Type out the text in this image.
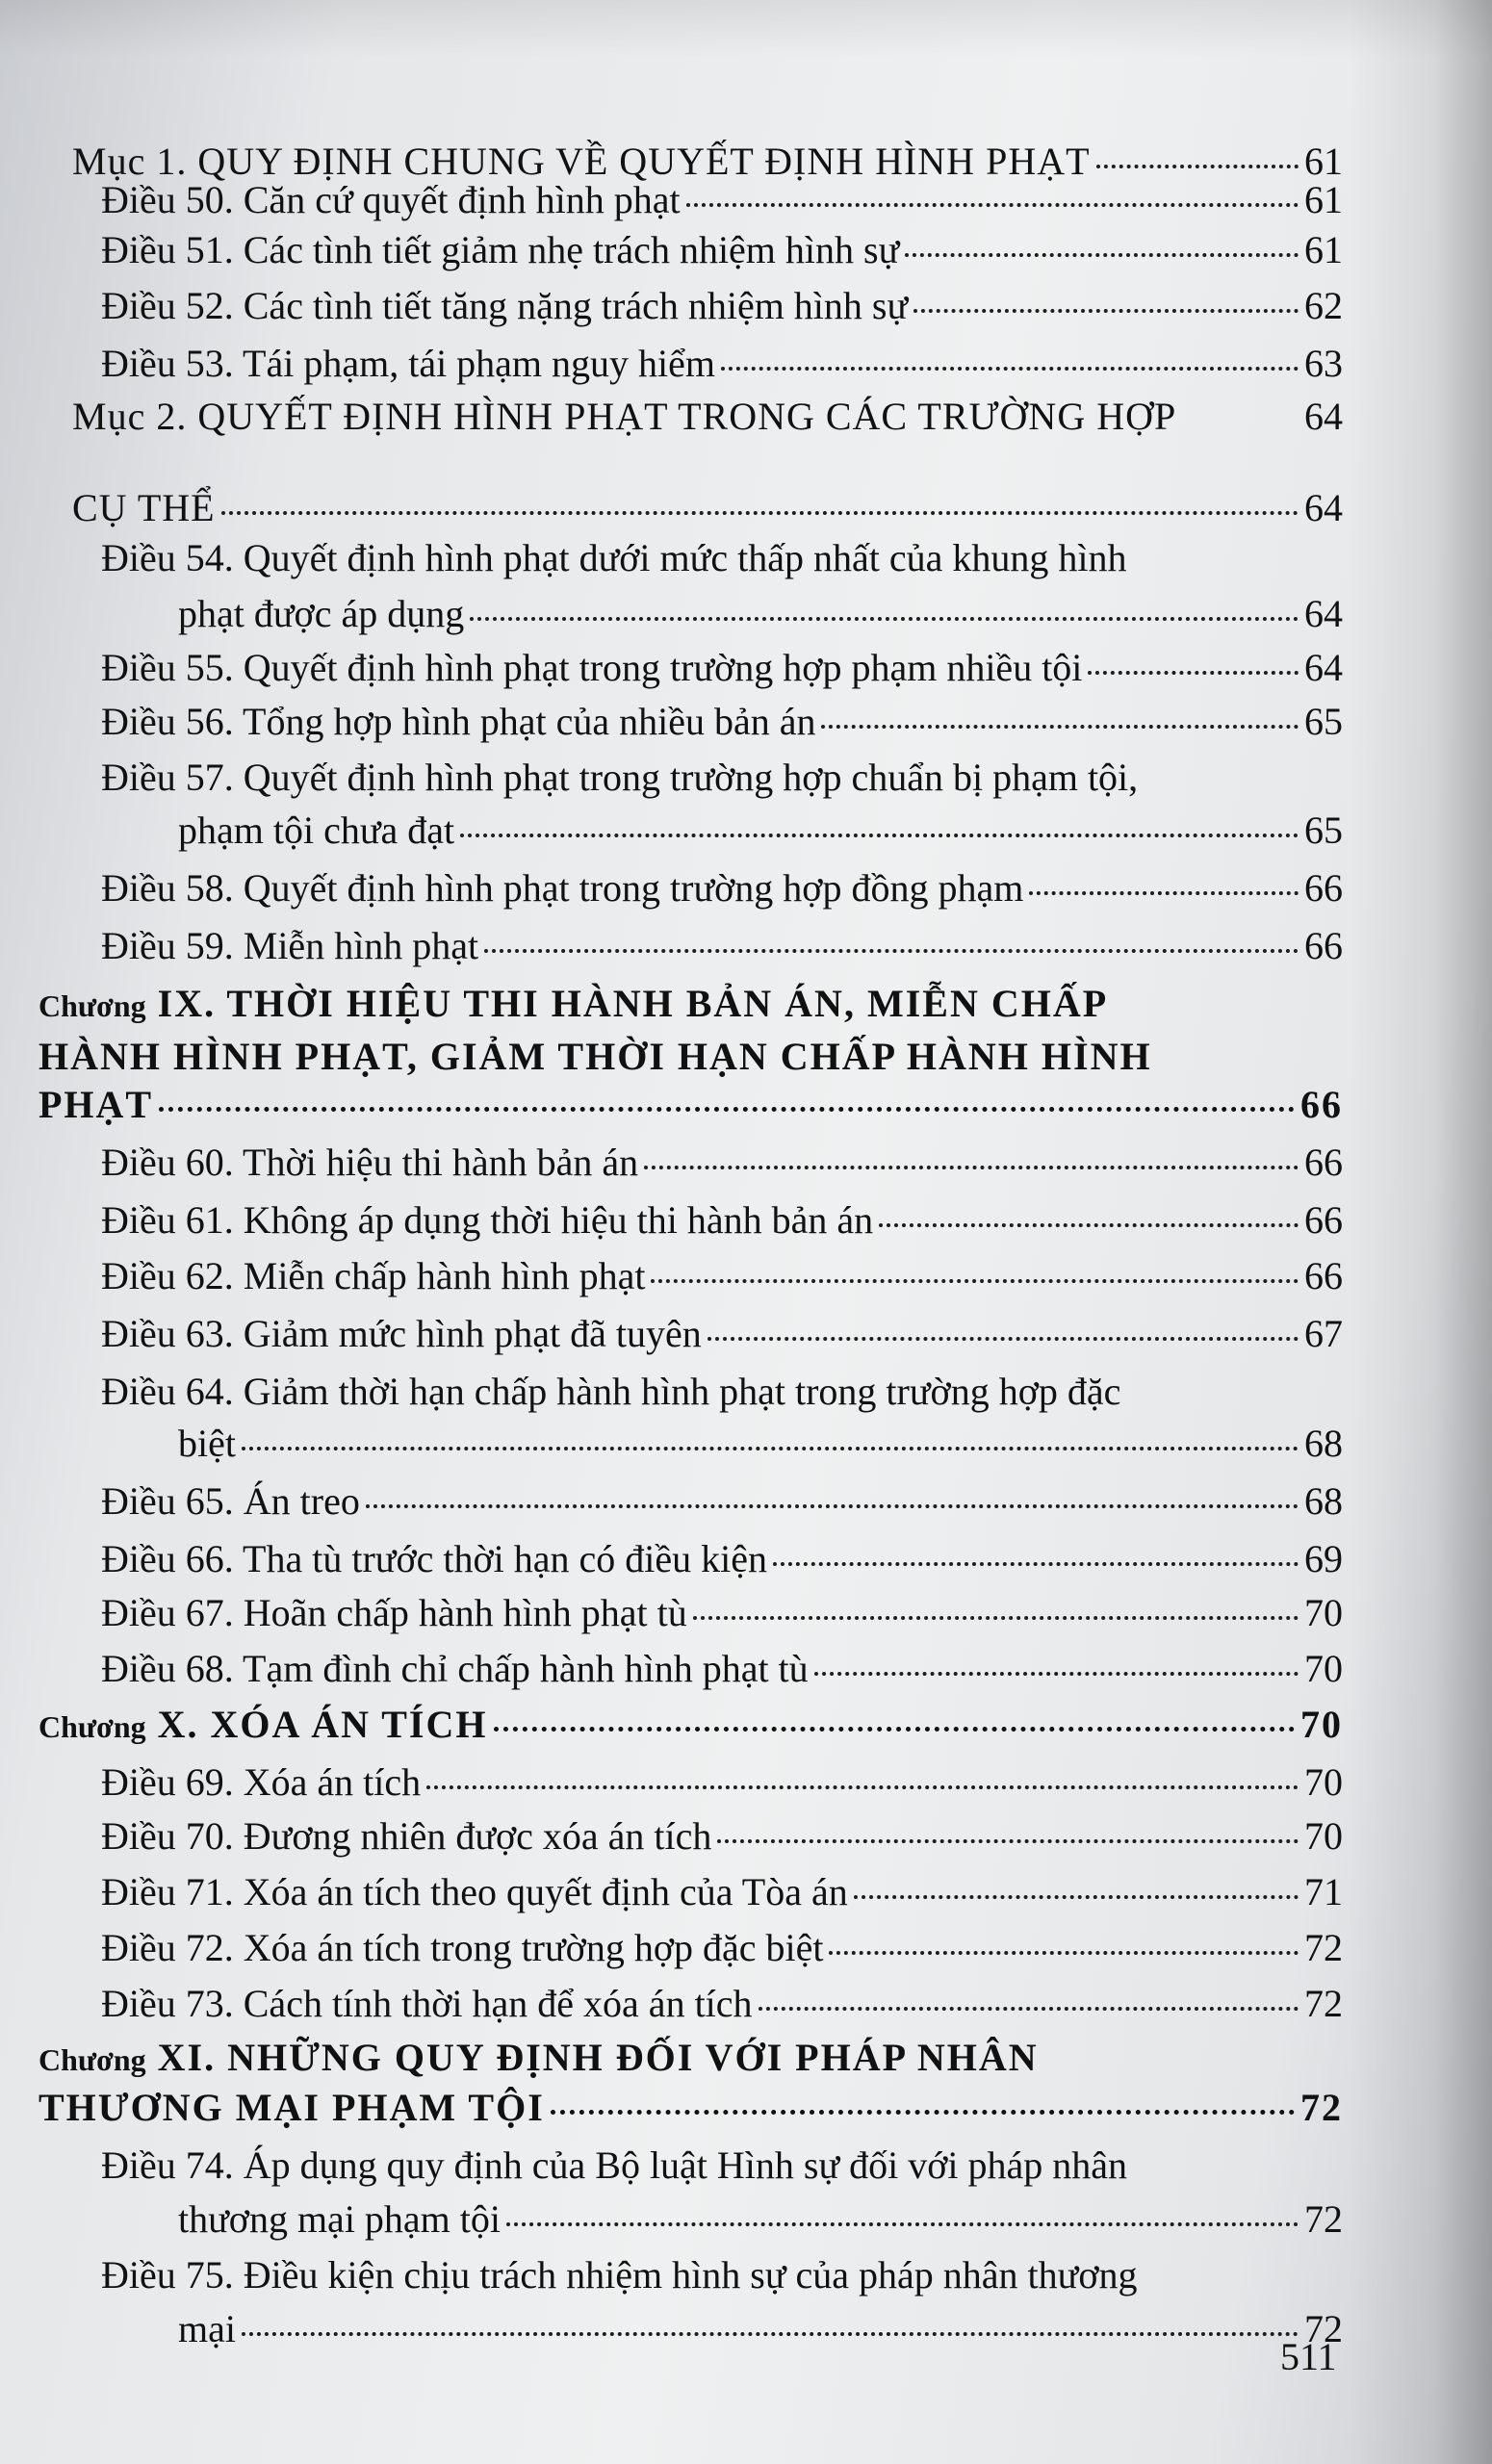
Mục 1. QUY ĐỊNH CHUNG VỀ QUYẾT ĐỊNH HÌNH PHẠT	61
Điều 50. Căn cứ quyết định hình phạt	61
Điều 51. Các tình tiết giảm nhẹ trách nhiệm hình sự	61
Điều 52. Các tình tiết tăng nặng trách nhiệm hình sự	62
Điều 53. Tái phạm, tái phạm nguy hiểm	63
Mục 2. QUYẾT ĐỊNH HÌNH PHẠT TRONG CÁC TRƯỜNG HỢP	64
CỤ THỂ	64
Điều 54. Quyết định hình phạt dưới mức thấp nhất của khung hình
phạt được áp dụng	64
Điều 55. Quyết định hình phạt trong trường hợp phạm nhiều tội	64
Điều 56. Tổng hợp hình phạt của nhiều bản án	65
Điều 57. Quyết định hình phạt trong trường hợp chuẩn bị phạm tội,
phạm tội chưa đạt	65
Điều 58. Quyết định hình phạt trong trường hợp đồng phạm	66
Điều 59. Miễn hình phạt	66
Chương IX. THỜI HIỆU THI HÀNH BẢN ÁN, MIỄN CHẤP
HÀNH HÌNH PHẠT, GIẢM THỜI HẠN CHẤP HÀNH HÌNH
PHẠT	66
Điều 60. Thời hiệu thi hành bản án	66
Điều 61. Không áp dụng thời hiệu thi hành bản án	66
Điều 62. Miễn chấp hành hình phạt	66
Điều 63. Giảm mức hình phạt đã tuyên	67
Điều 64. Giảm thời hạn chấp hành hình phạt trong trường hợp đặc
biệt	68
Điều 65. Án treo	68
Điều 66. Tha tù trước thời hạn có điều kiện	69
Điều 67. Hoãn chấp hành hình phạt tù	70
Điều 68. Tạm đình chỉ chấp hành hình phạt tù	70
Chương X. XÓA ÁN TÍCH	70
Điều 69. Xóa án tích	70
Điều 70. Đương nhiên được xóa án tích	70
Điều 71. Xóa án tích theo quyết định của Tòa án	71
Điều 72. Xóa án tích trong trường hợp đặc biệt	72
Điều 73. Cách tính thời hạn để xóa án tích	72
Chương XI. NHỮNG QUY ĐỊNH ĐỐI VỚI PHÁP NHÂN
THƯƠNG MẠI PHẠM TỘI	72
Điều 74. Áp dụng quy định của Bộ luật Hình sự đối với pháp nhân
thương mại phạm tội	72
Điều 75. Điều kiện chịu trách nhiệm hình sự của pháp nhân thương
mại	72
511
